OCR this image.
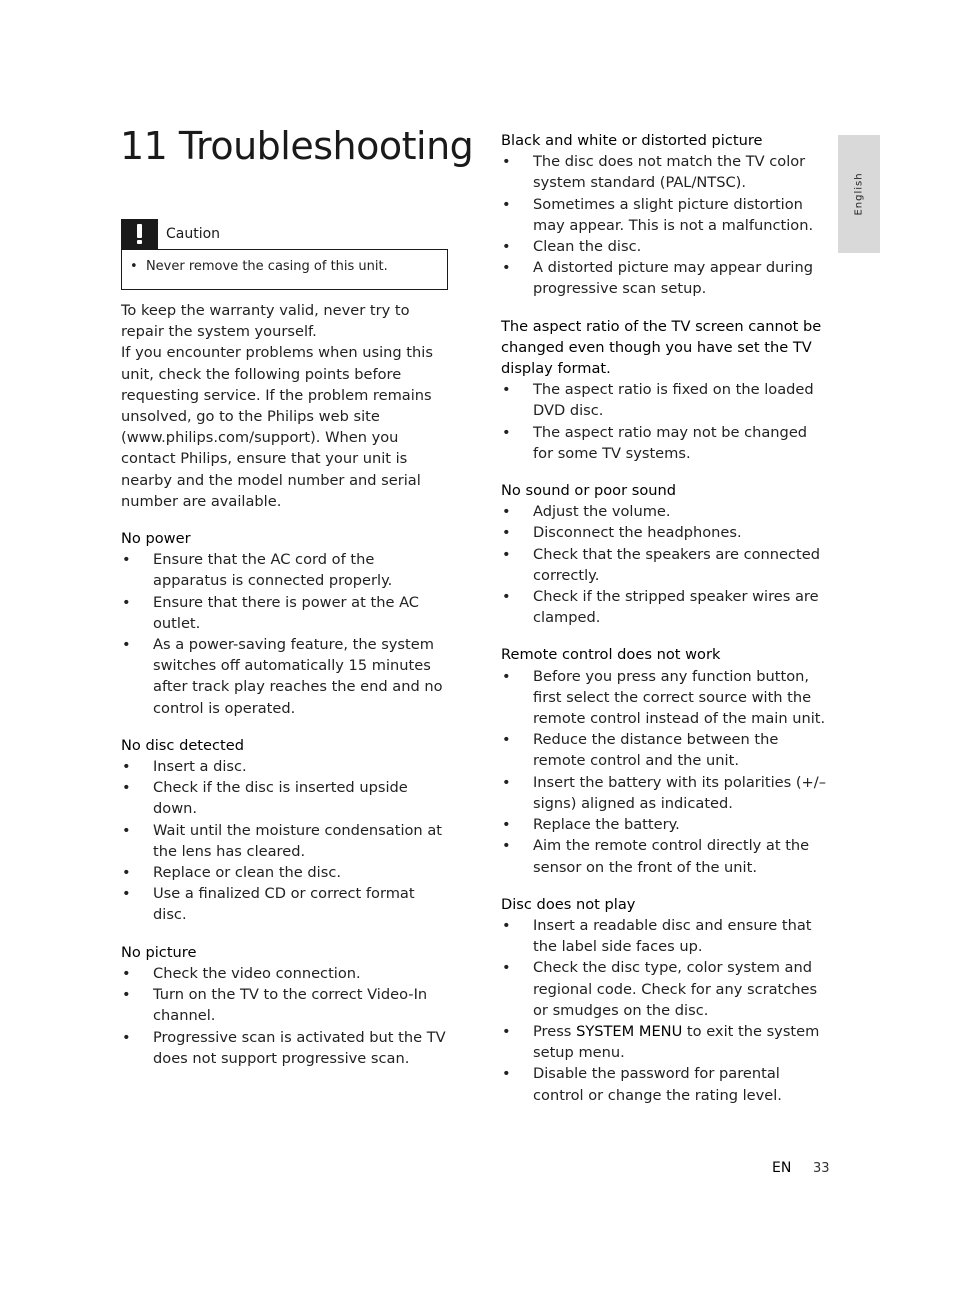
11 Troubleshooting
Caution
•  Never remove the casing of this unit.

To keep the warranty valid, never try to repair the system yourself.

If you encounter problems when using this unit, check the following points before requesting service. If the problem remains unsolved, go to the Philips web site (www.philips.com/support). When you contact Philips, ensure that your unit is nearby and the model number and serial number are available.

No power
• Ensure that the AC cord of the apparatus is connected properly.
• Ensure that there is power at the AC outlet.
• As a power-saving feature, the system switches off automatically 15 minutes after track play reaches the end and no control is operated.
No disc detected
• Insert a disc.
• Check if the disc is inserted upside down.
• Wait until the moisture condensation at the lens has cleared.
• Replace or clean the disc.
• Use a finalized CD or correct format disc.
No picture
• Check the video connection.
• Turn on the TV to the correct Video-In channel.
• Progressive scan is activated but the TV does not support progressive scan.
Black and white or distorted picture
• The disc does not match the TV color system standard (PAL/NTSC).
• Sometimes a slight picture distortion may appear. This is not a malfunction.
• Clean the disc.
• A distorted picture may appear during progressive scan setup.
The aspect ratio of the TV screen cannot be changed even though you have set the TV display format.
• The aspect ratio is fixed on the loaded DVD disc.
• The aspect ratio may not be changed for some TV systems.
No sound or poor sound
• Adjust the volume.
• Disconnect the headphones.
• Check that the speakers are connected correctly.
• Check if the stripped speaker wires are clamped.
Remote control does not work
• Before you press any function button, first select the correct source with the remote control instead of the main unit.
• Reduce the distance between the remote control and the unit.
• Insert the battery with its polarities (+/– signs) aligned as indicated.
• Replace the battery.
• Aim the remote control directly at the sensor on the front of the unit.
Disc does not play
• Insert a readable disc and ensure that the label side faces up.
• Check the disc type, color system and regional code. Check for any scratches or smudges on the disc.
• Press SYSTEM MENU to exit the system setup menu.
• Disable the password for parental control or change the rating level.
English
EN 33
